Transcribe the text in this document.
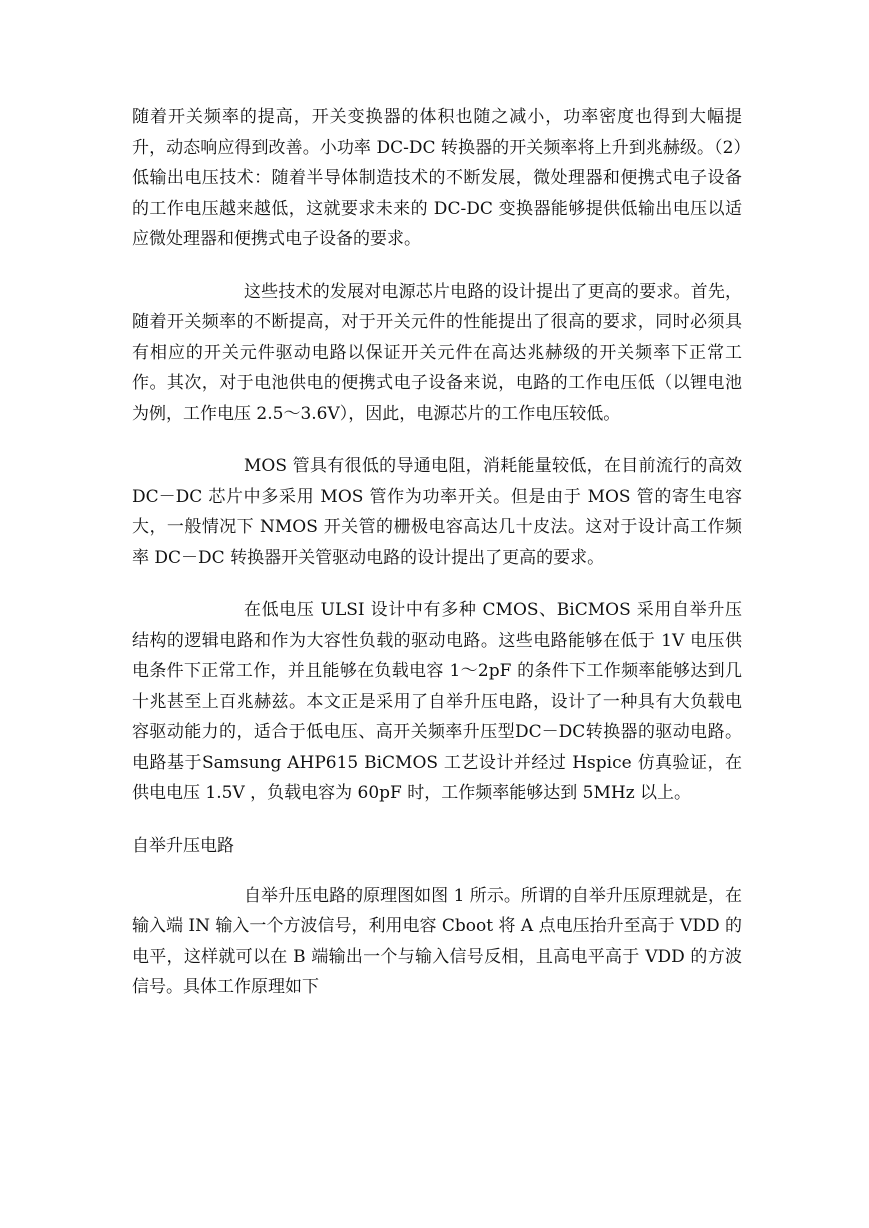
随着开关频率的提高，开关变换器的体积也随之减小，功率密度也得到大幅提升，动态响应得到改善。小功率 DC-DC 转换器的开关频率将上升到兆赫级。（2）低输出电压技术：随着半导体制造技术的不断发展，微处理器和便携式电子设备的工作电压越来越低，这就要求未来的 DC-DC 变换器能够提供低输出电压以适应微处理器和便携式电子设备的要求。

这些技术的发展对电源芯片电路的设计提出了更高的要求。首先，随着开关频率的不断提高，对于开关元件的性能提出了很高的要求，同时必须具有相应的开关元件驱动电路以保证开关元件在高达兆赫级的开关频率下正常工作。其次，对于电池供电的便携式电子设备来说，电路的工作电压低（以锂电池为例，工作电压 2.5～3.6V），因此，电源芯片的工作电压较低。

MOS 管具有很低的导通电阻，消耗能量较低，在目前流行的高效 DC－DC 芯片中多采用 MOS 管作为功率开关。但是由于 MOS 管的寄生电容大，一般情况下 NMOS 开关管的栅极电容高达几十皮法。这对于设计高工作频率 DC－DC 转换器开关管驱动电路的设计提出了更高的要求。

在低电压 ULSI 设计中有多种 CMOS、BiCMOS 采用自举升压结构的逻辑电路和作为大容性负载的驱动电路。这些电路能够在低于 1V 电压供电条件下正常工作，并且能够在负载电容 1～2pF 的条件下工作频率能够达到几十兆甚至上百兆赫兹。本文正是采用了自举升压电路，设计了一种具有大负载电容驱动能力的，适合于低电压、高开关频率升压型DC－DC转换器的驱动电路。电路基于Samsung AHP615 BiCMOS 工艺设计并经过 Hspice 仿真验证，在供电电压 1.5V ，负载电容为 60pF 时，工作频率能够达到 5MHz 以上。

自举升压电路

自举升压电路的原理图如图 1 所示。所谓的自举升压原理就是，在输入端 IN 输入一个方波信号，利用电容 Cboot 将 A 点电压抬升至高于 VDD 的电平，这样就可以在 B 端输出一个与输入信号反相，且高电平高于 VDD 的方波信号。具体工作原理如下
